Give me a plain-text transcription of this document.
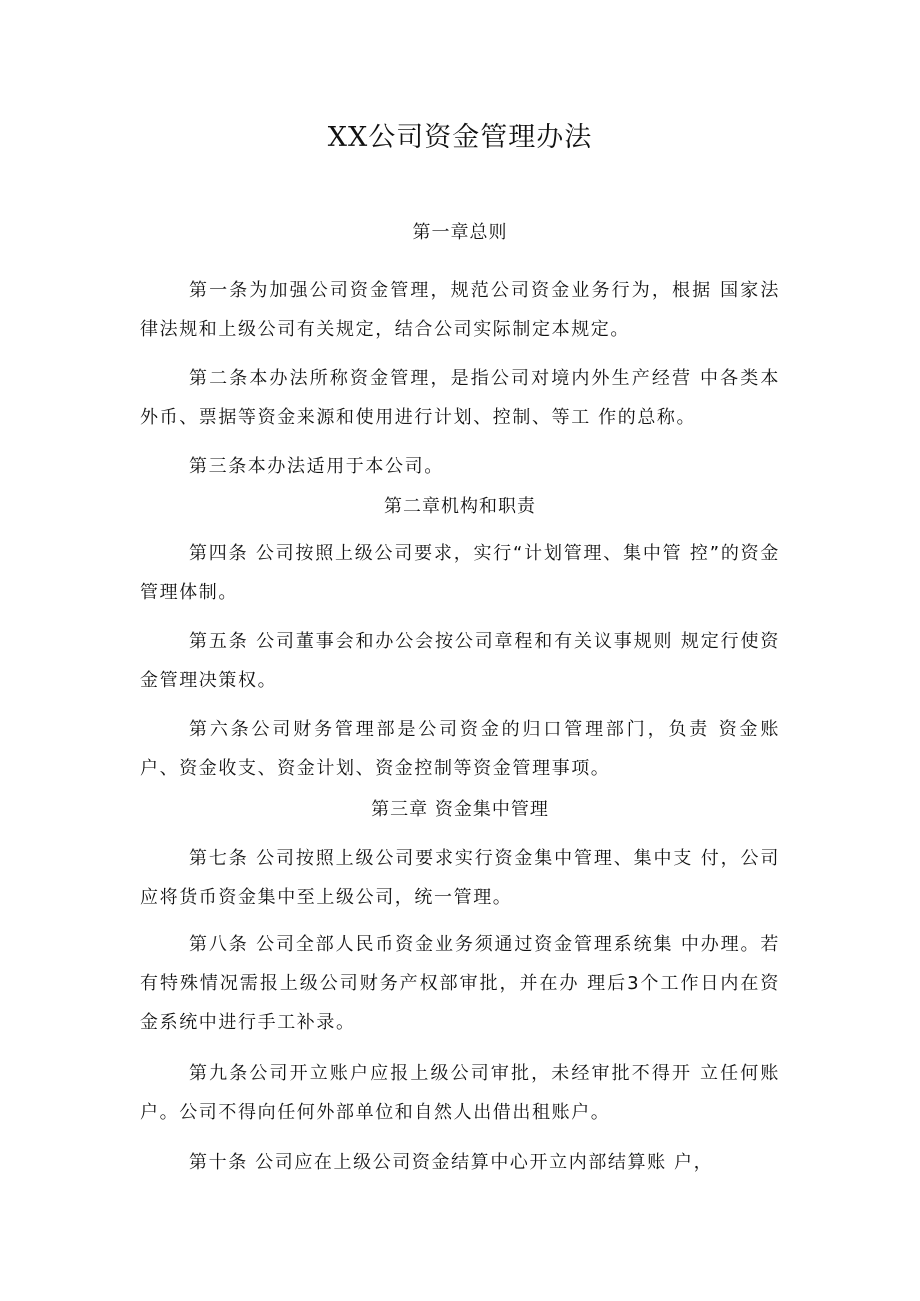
XX公司资金管理办法
第一章总则

第一条为加强公司资金管理，规范公司资金业务行为，根据 国家法律法规和上级公司有关规定，结合公司实际制定本规定。

第二条本办法所称资金管理，是指公司对境内外生产经营 中各类本外币、票据等资金来源和使用进行计划、控制、等工 作的总称。

第三条本办法适用于本公司。

第二章机构和职责

第四条 公司按照上级公司要求，实行“计划管理、集中管 控”的资金管理体制。

第五条 公司董事会和办公会按公司章程和有关议事规则 规定行使资金管理决策权。

第六条公司财务管理部是公司资金的归口管理部门，负责 资金账户、资金收支、资金计划、资金控制等资金管理事项。

第三章 资金集中管理

第七条 公司按照上级公司要求实行资金集中管理、集中支 付，公司应将货币资金集中至上级公司，统一管理。

第八条 公司全部人民币资金业务须通过资金管理系统集 中办理。若有特殊情况需报上级公司财务产权部审批，并在办 理后3个工作日内在资金系统中进行手工补录。

第九条公司开立账户应报上级公司审批，未经审批不得开 立任何账户。公司不得向任何外部单位和自然人出借出租账户。

第十条 公司应在上级公司资金结算中心开立内部结算账 户，
